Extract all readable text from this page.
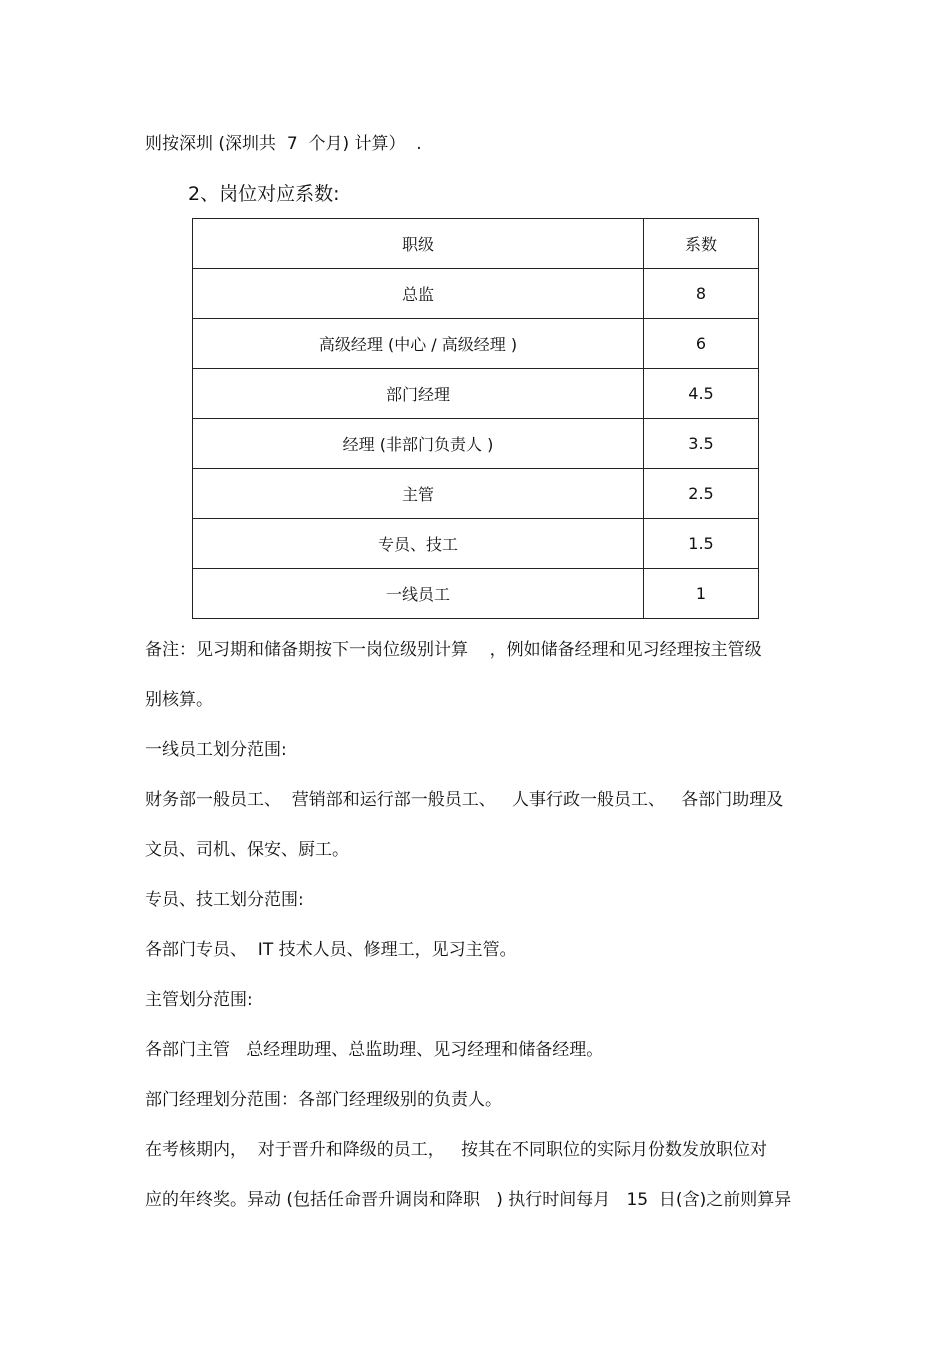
则按深圳 (深圳共  7  个月) 计算）  .
2、岗位对应系数:
职级	系数
总监	8
高级经理 (中心 / 高级经理 )	6
部门经理	4.5
经理 (非部门负责人 )	3.5
主管	2.5
专员、技工	1.5
一线员工	1
备注：见习期和储备期按下一岗位级别计算    ，例如储备经理和见习经理按主管级
别核算。
一线员工划分范围:
财务部一般员工、  营销部和运行部一般员工、   人事行政一般员工、   各部门助理及
文员、司机、保安、厨工。
专员、技工划分范围:
各部门专员、  IT 技术人员、修理工，见习主管。
主管划分范围:
各部门主管   总经理助理、总监助理、见习经理和储备经理。
部门经理划分范围：各部门经理级别的负责人。
在考核期内，  对于晋升和降级的员工，   按其在不同职位的实际月份数发放职位对
应的年终奖。异动 (包括任命晋升调岗和降职   ) 执行时间每月   15  日(含)之前则算异
